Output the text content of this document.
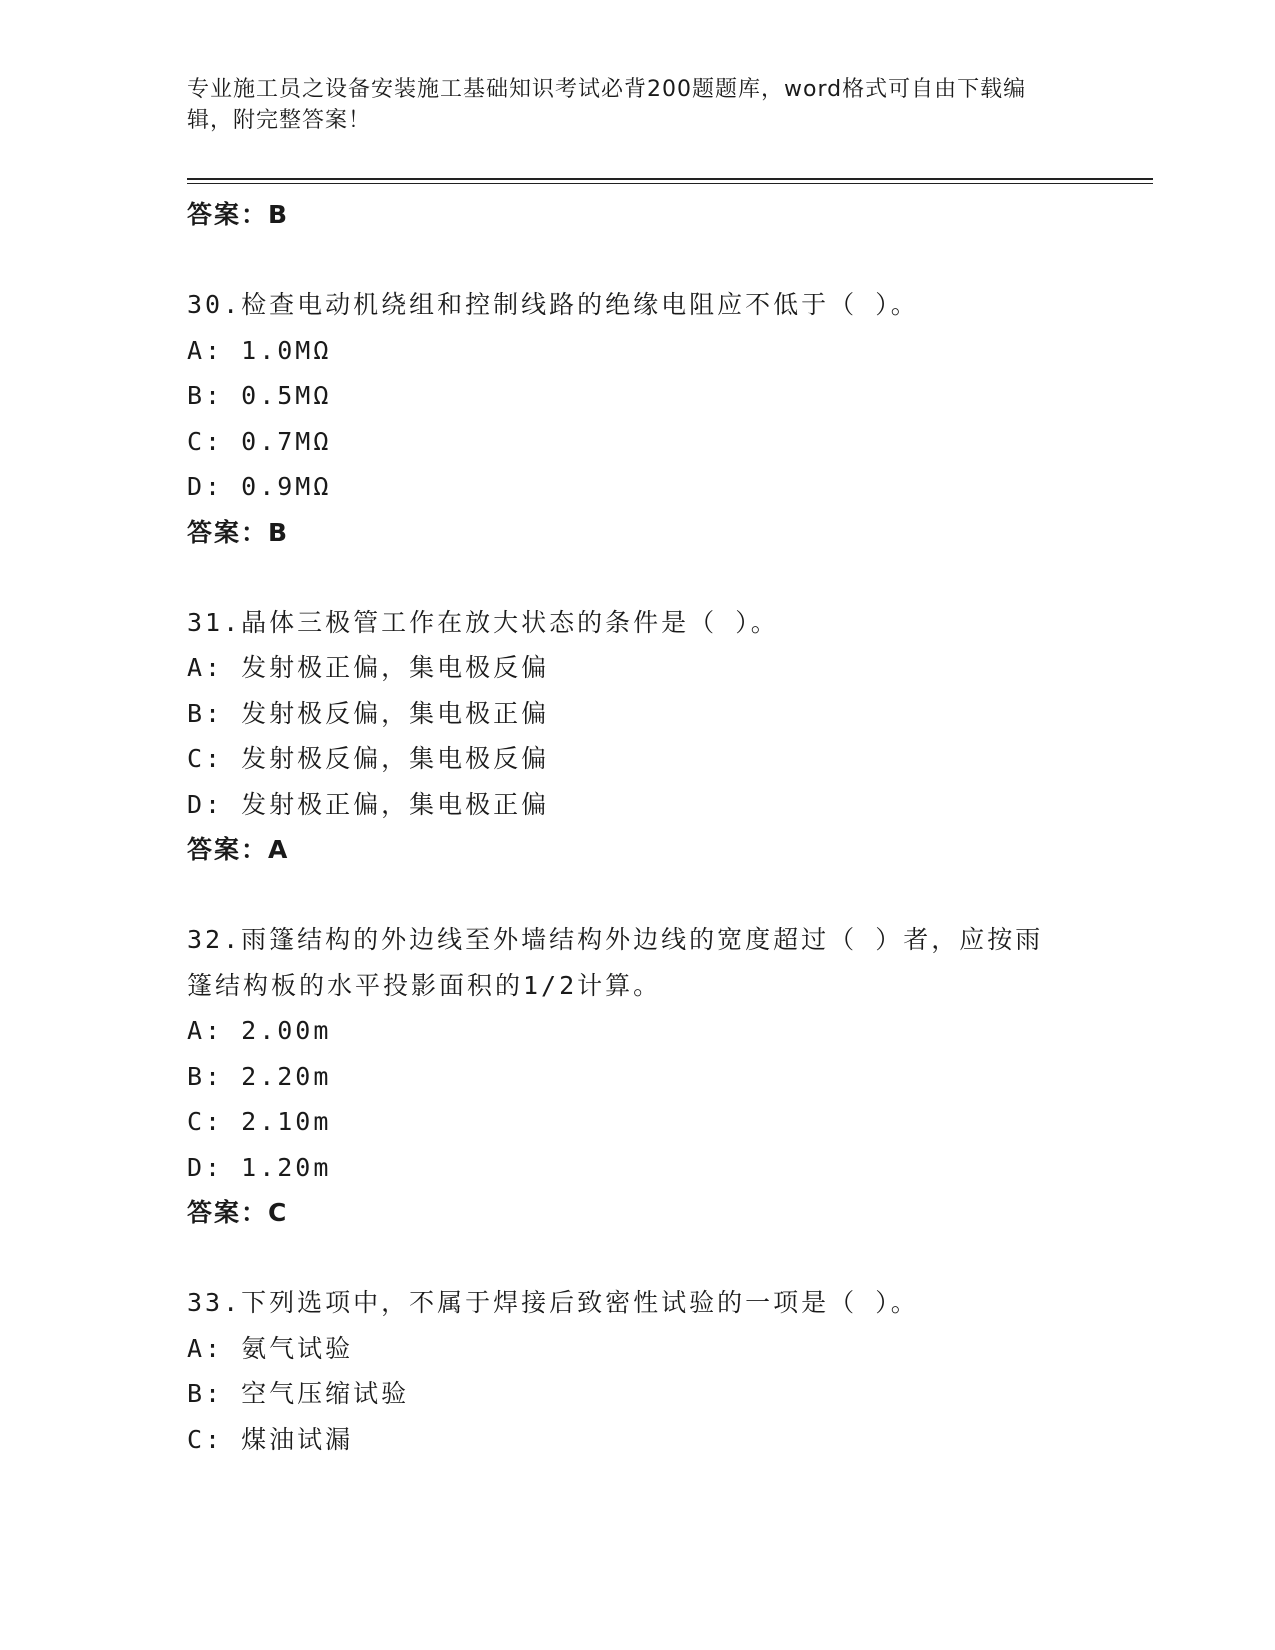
专业施工员之设备安装施工基础知识考试必背200题题库，word格式可自由下载编辑，附完整答案！
答案：B
30.检查电动机绕组和控制线路的绝缘电阻应不低于（ ）。
A: 1.0MΩ
B: 0.5MΩ
C: 0.7MΩ
D: 0.9MΩ
答案：B
31.晶体三极管工作在放大状态的条件是（ ）。
A: 发射极正偏，集电极反偏
B: 发射极反偏，集电极正偏
C: 发射极反偏，集电极反偏
D: 发射极正偏，集电极正偏
答案：A
32.雨篷结构的外边线至外墙结构外边线的宽度超过（ ）者，应按雨
篷结构板的水平投影面积的1/2计算。
A: 2.00m
B: 2.20m
C: 2.10m
D: 1.20m
答案：C
33.下列选项中，不属于焊接后致密性试验的一项是（ ）。
A: 氨气试验
B: 空气压缩试验
C: 煤油试漏
